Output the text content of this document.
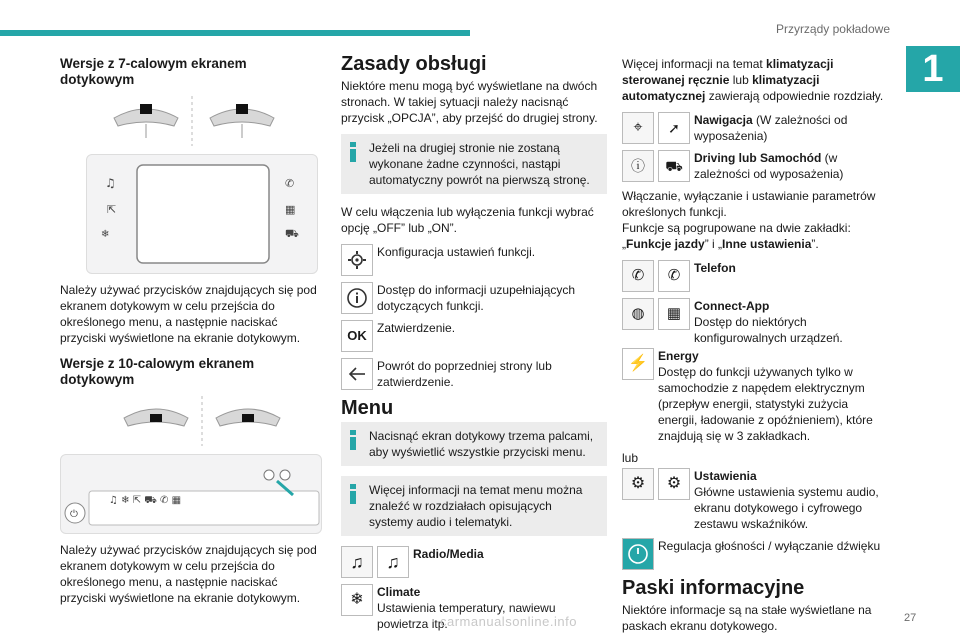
Przyrządy pokładowe
1
Wersje z 7-calowym ekranem dotykowym
♫
⇱
❄
✆
▦
⛟

Należy używać przycisków znajdujących się pod ekranem dotykowym w celu przejścia do określonego menu, a następnie naciskać przyciski wyświetlone na ekranie dotykowym.

Wersje z 10-calowym ekranem dotykowym
⏻
♫ ❄ ⇱ ⛟ ✆ ▦

Należy używać przycisków znajdujących się pod ekranem dotykowym w celu przejścia do określonego menu, a następnie naciskać przyciski wyświetlone na ekranie dotykowym.

Zasady obsługi

Niektóre menu mogą być wyświetlane na dwóch stronach. W takiej sytuacji należy nacisnąć przycisk „OPCJA”, aby przejść do drugiej strony.

Jeżeli na drugiej stronie nie zostaną wykonane żadne czynności, nastąpi automatyczny powrót na pierwszą stronę.

W celu włączenia lub wyłączenia funkcji wybrać opcję „OFF” lub „ON”.

Konfiguracja ustawień funkcji.
Dostęp do informacji uzupełniających dotyczących funkcji.
OK Zatwierdzenie.
Powrót do poprzedniej strony lub zatwierdzenie.
Menu
Nacisnąć ekran dotykowy trzema palcami, aby wyświetlić wszystkie przyciski menu.
Więcej informacji na temat menu można znaleźć w rozdziałach opisujących systemy audio i telematyki.
♫ ♫ Radio/Media
❄ Climate
Ustawienia temperatury, nawiewu powietrza itp.

Więcej informacji na temat klimatyzacji sterowanej ręcznie lub klimatyzacji automatycznej zawierają odpowiednie rozdziały.

⌖ ➚ Nawigacja (W zależności od wyposażenia)
ⓘ ⛟ Driving lub Samochód (w zależności od wyposażenia)

Włączanie, wyłączanie i ustawianie parametrów określonych funkcji.

Funkcje są pogrupowane na dwie zakładki: „Funkcje jazdy” i „Inne ustawienia”.

✆ ✆ Telefon
◍ ▦ Connect-App
Dostęp do niektórych konfigurowalnych urządzeń.
⚡ Energy
Dostęp do funkcji używanych tylko w samochodzie z napędem elektrycznym (przepływ energii, statystyki zużycia energii, ładowanie z opóźnieniem), które znajdują się w 3 zakładkach.

lub

⚙ ⚙ Ustawienia
Główne ustawienia systemu audio, ekranu dotykowego i cyfrowego zestawu wskaźników.
Regulacja głośności / wyłączanie dźwięku
Paski informacyjne

Niektóre informacje są na stałe wyświetlane na paskach ekranu dotykowego.

carmanualsonline.info	27
